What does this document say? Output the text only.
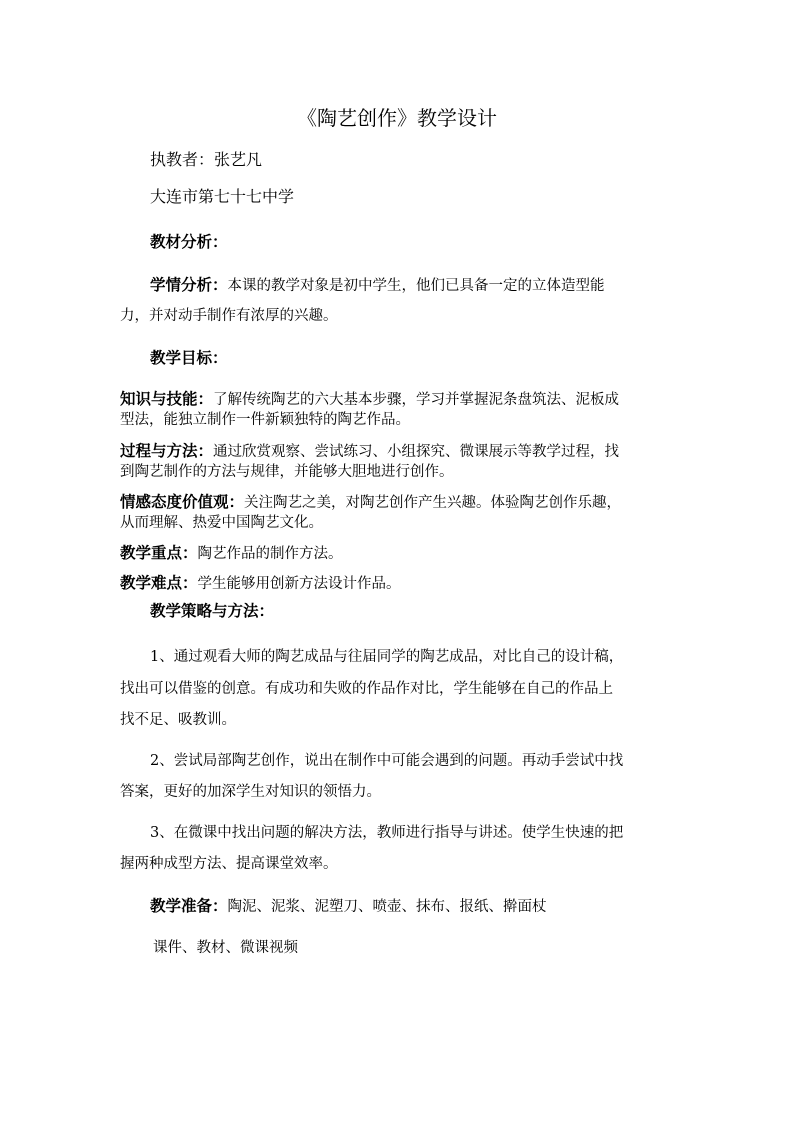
《陶艺创作》教学设计
执教者：张艺凡
大连市第七十七中学
教材分析：
学情分析：本课的教学对象是初中学生，他们已具备一定的立体造型能
力，并对动手制作有浓厚的兴趣。
教学目标：
知识与技能：了解传统陶艺的六大基本步骤，学习并掌握泥条盘筑法、泥板成
型法，能独立制作一件新颖独特的陶艺作品。
过程与方法：通过欣赏观察、尝试练习、小组探究、微课展示等教学过程，找
到陶艺制作的方法与规律，并能够大胆地进行创作。
情感态度价值观：关注陶艺之美，对陶艺创作产生兴趣。体验陶艺创作乐趣，
从而理解、热爱中国陶艺文化。
教学重点：陶艺作品的制作方法。
教学难点：学生能够用创新方法设计作品。
教学策略与方法：
1、通过观看大师的陶艺成品与往届同学的陶艺成品，对比自己的设计稿，
找出可以借鉴的创意。有成功和失败的作品作对比，学生能够在自己的作品上
找不足、吸教训。
2、尝试局部陶艺创作，说出在制作中可能会遇到的问题。再动手尝试中找
答案，更好的加深学生对知识的领悟力。
3、在微课中找出问题的解决方法，教师进行指导与讲述。使学生快速的把
握两种成型方法、提高课堂效率。
教学准备：陶泥、泥浆、泥塑刀、喷壶、抹布、报纸、擀面杖
课件、教材、微课视频
